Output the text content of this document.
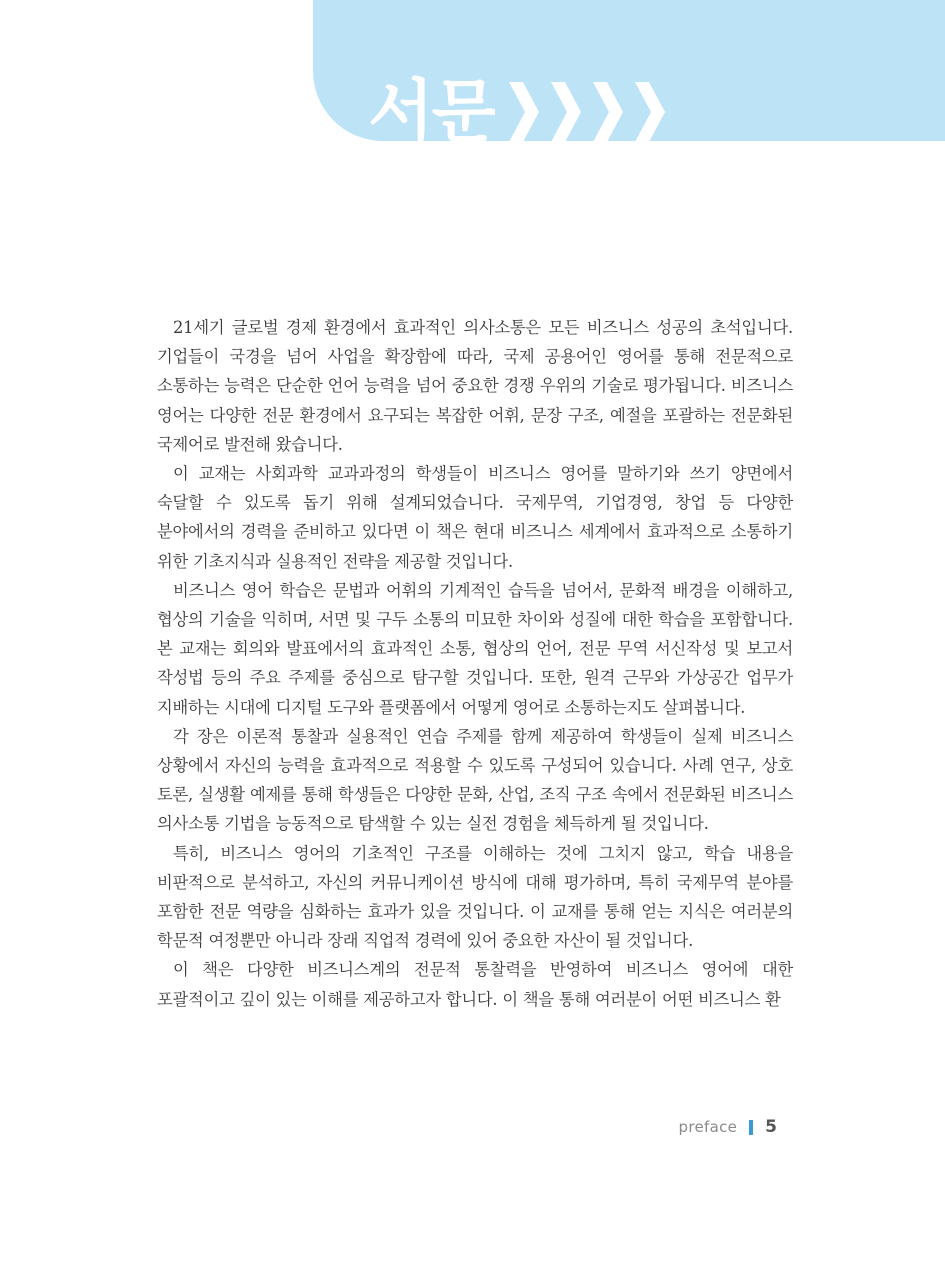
서문

21세기 글로벌 경제 환경에서 효과적인 의사소통은 모든 비즈니스 성공의 초석입니다. 기업들이 국경을 넘어 사업을 확장함에 따라, 국제 공용어인 영어를 통해 전문적으로 소통하는 능력은 단순한 언어 능력을 넘어 중요한 경쟁 우위의 기술로 평가됩니다. 비즈니스 영어는 다양한 전문 환경에서 요구되는 복잡한 어휘, 문장 구조, 예절을 포괄하는 전문화된 국제어로 발전해 왔습니다.

이 교재는 사회과학 교과과정의 학생들이 비즈니스 영어를 말하기와 쓰기 양면에서 숙달할 수 있도록 돕기 위해 설계되었습니다. 국제무역, 기업경영, 창업 등 다양한 분야에서의 경력을 준비하고 있다면 이 책은 현대 비즈니스 세계에서 효과적으로 소통하기 위한 기초지식과 실용적인 전략을 제공할 것입니다.

비즈니스 영어 학습은 문법과 어휘의 기계적인 습득을 넘어서, 문화적 배경을 이해하고, 협상의 기술을 익히며, 서면 및 구두 소통의 미묘한 차이와 성질에 대한 학습을 포함합니다. 본 교재는 회의와 발표에서의 효과적인 소통, 협상의 언어, 전문 무역 서신작성 및 보고서 작성법 등의 주요 주제를 중심으로 탐구할 것입니다. 또한, 원격 근무와 가상공간 업무가 지배하는 시대에 디지털 도구와 플랫폼에서 어떻게 영어로 소통하는지도 살펴봅니다.

각 장은 이론적 통찰과 실용적인 연습 주제를 함께 제공하여 학생들이 실제 비즈니스 상황에서 자신의 능력을 효과적으로 적용할 수 있도록 구성되어 있습니다. 사례 연구, 상호 토론, 실생활 예제를 통해 학생들은 다양한 문화, 산업, 조직 구조 속에서 전문화된 비즈니스 의사소통 기법을 능동적으로 탐색할 수 있는 실전 경험을 체득하게 될 것입니다.

특히, 비즈니스 영어의 기초적인 구조를 이해하는 것에 그치지 않고, 학습 내용을 비판적으로 분석하고, 자신의 커뮤니케이션 방식에 대해 평가하며, 특히 국제무역 분야를 포함한 전문 역량을 심화하는 효과가 있을 것입니다. 이 교재를 통해 얻는 지식은 여러분의 학문적 여정뿐만 아니라 장래 직업적 경력에 있어 중요한 자산이 될 것입니다.

이 책은 다양한 비즈니스계의 전문적 통찰력을 반영하여 비즈니스 영어에 대한 포괄적이고 깊이 있는 이해를 제공하고자 합니다. 이 책을 통해 여러분이 어떤 비즈니스 환

preface 5
